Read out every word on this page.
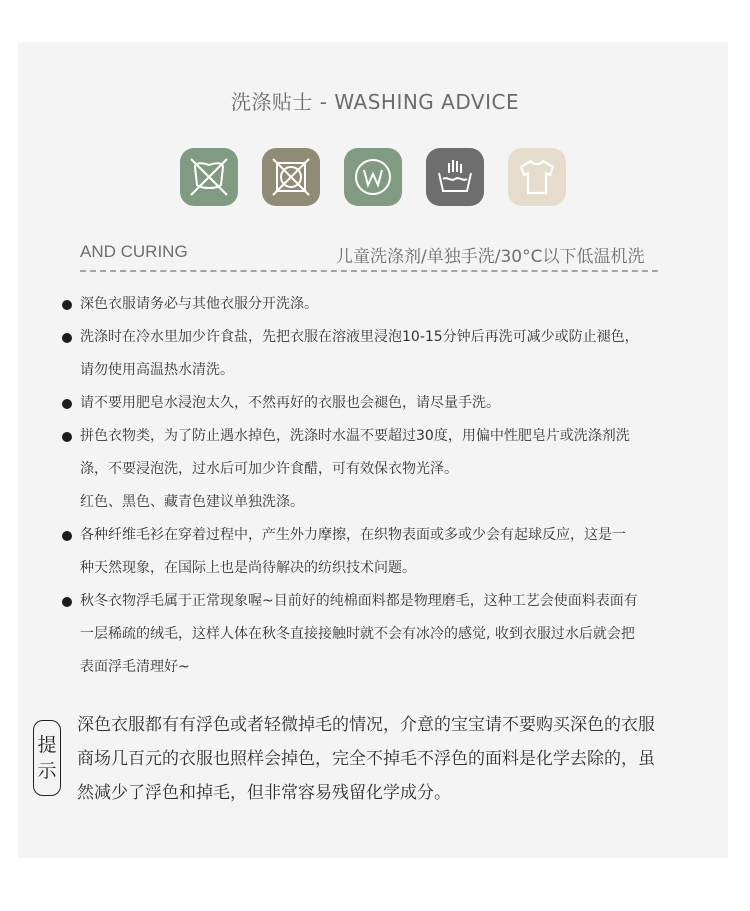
洗涤贴士 - WASHING ADVICE
AND CURING	儿童洗涤剂/单独手洗/30°C以下低温机洗
深色衣服请务必与其他衣服分开洗涤。
洗涤时在冷水里加少许食盐，先把衣服在溶液里浸泡10-15分钟后再洗可减少或防止褪色，
请勿使用高温热水清洗。
请不要用肥皂水浸泡太久，不然再好的衣服也会褪色，请尽量手洗。
拼色衣物类，为了防止遇水掉色，洗涤时水温不要超过30度，用偏中性肥皂片或洗涤剂洗
涤，不要浸泡洗，过水后可加少许食醋，可有效保衣物光泽。
红色、黑色、藏青色建议单独洗涤。
各种纤维毛衫在穿着过程中，产生外力摩擦，在织物表面或多或少会有起球反应，这是一
种天然现象，在国际上也是尚待解决的纺织技术问题。
秋冬衣物浮毛属于正常现象喔~目前好的纯棉面料都是物理磨毛，这种工艺会使面料表面有
一层稀疏的绒毛，这样人体在秋冬直接接触时就不会有冰冷的感觉, 收到衣服过水后就会把
表面浮毛清理好~
提
示
深色衣服都有有浮色或者轻微掉毛的情况，介意的宝宝请不要购买深色的衣服
商场几百元的衣服也照样会掉色，完全不掉毛不浮色的面料是化学去除的，虽
然减少了浮色和掉毛，但非常容易残留化学成分。
